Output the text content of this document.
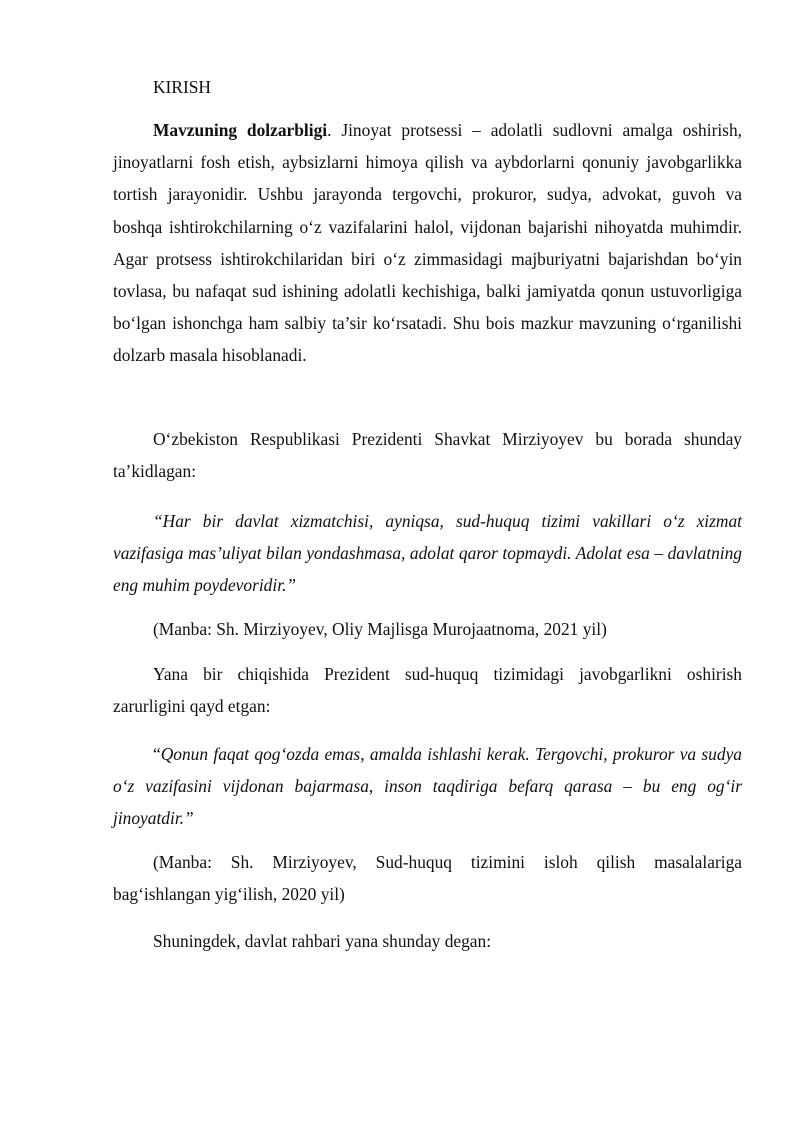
KIRISH

Mavzuning dolzarbligi. Jinoyat protsessi – adolatli sudlovni amalga oshirish, jinoyatlarni fosh etish, aybsizlarni himoya qilish va aybdorlarni qonuniy javobgarlikka tortish jarayonidir. Ushbu jarayonda tergovchi, prokuror, sudya, advokat, guvoh va boshqa ishtirokchilarning o‘z vazifalarini halol, vijdonan bajarishi nihoyatda muhimdir. Agar protsess ishtirokchilaridan biri o‘z zimmasidagi majburiyatni bajarishdan bo‘yin tovlasa, bu nafaqat sud ishining adolatli kechishiga, balki jamiyatda qonun ustuvorligiga bo‘lgan ishonchga ham salbiy ta’sir ko‘rsatadi. Shu bois mazkur mavzuning o‘rganilishi dolzarb masala hisoblanadi.

O‘zbekiston Respublikasi Prezidenti Shavkat Mirziyoyev bu borada shunday ta’kidlagan:

“Har bir davlat xizmatchisi, ayniqsa, sud-huquq tizimi vakillari o‘z xizmat vazifasiga mas’uliyat bilan yondashmasa, adolat qaror topmaydi. Adolat esa – davlatning eng muhim poydevoridir.”

(Manba: Sh. Mirziyoyev, Oliy Majlisga Murojaatnoma, 2021 yil)

Yana bir chiqishida Prezident sud-huquq tizimidagi javobgarlikni oshirish zarurligini qayd etgan:

“Qonun faqat qog‘ozda emas, amalda ishlashi kerak. Tergovchi, prokuror va sudya o‘z vazifasini vijdonan bajarmasa, inson taqdiriga befarq qarasa – bu eng og‘ir jinoyatdir.”

(Manba: Sh. Mirziyoyev, Sud-huquq tizimini isloh qilish masalalariga bag‘ishlangan yig‘ilish, 2020 yil)

Shuningdek, davlat rahbari yana shunday degan:
